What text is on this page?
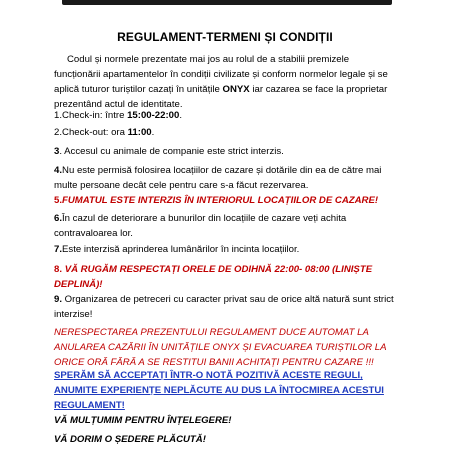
REGULAMENT-TERMENI ȘI CONDIȚII

Codul și normele prezentate mai jos au rolul de a stabilii premizele funcționării apartamentelor în condiții civilizate și conform normelor legale și se aplică tuturor turiștilor cazați în unitățile ONYX iar cazarea se face la proprietar prezentând actul de identitate.

1.Check-in: între 15:00-22:00.

2.Check-out: ora 11:00.

3. Accesul cu animale de companie este strict interzis.

4.Nu este permisă folosirea locațiilor de cazare și dotările din ea de către mai multe persoane decât cele pentru care s-a făcut rezervarea.

5.FUMATUL ESTE INTERZIS ÎN INTERIORUL LOCAȚIILOR DE CAZARE!

6.În cazul de deteriorare a bunurilor din locațiile de cazare veți achita contravaloarea lor.

7.Este interzisă aprinderea lumânărilor în incinta locațiilor.

8. VĂ RUGĂM RESPECTAȚI ORELE DE ODIHNĂ 22:00- 08:00 (LINIȘTE DEPLINĂ)!

9. Organizarea de petreceri cu caracter privat sau de orice altă natură sunt strict interzise!

NERESPECTAREA PREZENTULUI REGULAMENT DUCE AUTOMAT LA ANULAREA CAZĂRII ÎN UNITĂȚILE ONYX ȘI EVACUAREA TURIȘTILOR LA ORICE ORĂ FĂRĂ A SE RESTITUI BANII ACHITAȚI PENTRU CAZARE !!!

SPERĂM SĂ ACCEPTAȚI ÎNTR-O NOTĂ POZITIVĂ ACESTE REGULI, ANUMITE EXPERIENȚE NEPLĂCUTE AU DUS LA ÎNTOCMIREA ACESTUI REGULAMENT!

VĂ MULȚUMIM PENTRU ÎNȚELEGERE!

VĂ DORIM O ȘEDERE PLĂCUTĂ!
